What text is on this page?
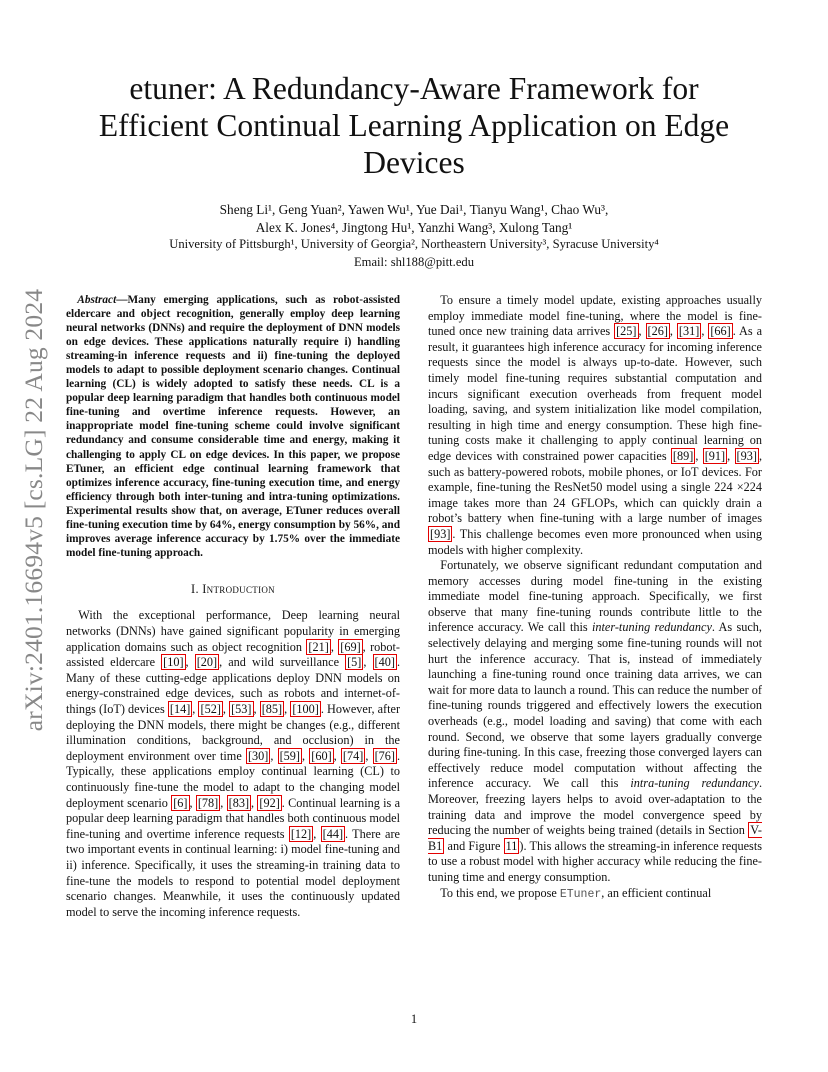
arXiv:2401.16694v5 [cs.LG] 22 Aug 2024
etuner: A Redundancy-Aware Framework for
Efficient Continual Learning Application on Edge
Devices
Sheng Li¹, Geng Yuan², Yawen Wu¹, Yue Dai¹, Tianyu Wang¹, Chao Wu³,
Alex K. Jones⁴, Jingtong Hu¹, Yanzhi Wang³, Xulong Tang¹
University of Pittsburgh¹, University of Georgia², Northeastern University³, Syracuse University⁴
Email: shl188@pitt.edu

Abstract—Many emerging applications, such as robot-assisted eldercare and object recognition, generally employ deep learning neural networks (DNNs) and require the deployment of DNN models on edge devices. These applications naturally require i) handling streaming-in inference requests and ii) fine-tuning the deployed models to adapt to possible deployment scenario changes. Continual learning (CL) is widely adopted to satisfy these needs. CL is a popular deep learning paradigm that handles both continuous model fine-tuning and overtime inference requests. However, an inappropriate model fine-tuning scheme could involve significant redundancy and consume considerable time and energy, making it challenging to apply CL on edge devices. In this paper, we propose ETuner, an efficient edge continual learning framework that optimizes inference accuracy, fine-tuning execution time, and energy efficiency through both inter-tuning and intra-tuning optimizations. Experimental results show that, on average, ETuner reduces overall fine-tuning execution time by 64%, energy consumption by 56%, and improves average inference accuracy by 1.75% over the immediate model fine-tuning approach.

I. Introduction

With the exceptional performance, Deep learning neural networks (DNNs) have gained significant popularity in emerging application domains such as object recognition [21] , [69] , robot-assisted eldercare [10] , [20] , and wild surveillance [5] , [40] . Many of these cutting-edge applications deploy DNN models on energy-constrained edge devices, such as robots and internet-of-things (IoT) devices [14] , [52] , [53] , [85] , [100] . However, after deploying the DNN models, there might be changes (e.g., different illumination conditions, background, and occlusion) in the deployment environment over time [30] , [59] , [60] , [74] , [76] . Typically, these applications employ continual learning (CL) to continuously fine-tune the model to adapt to the changing model deployment scenario [6] , [78] , [83] , [92] . Continual learning is a popular deep learning paradigm that handles both continuous model fine-tuning and overtime inference requests [12] , [44] . There are two important events in continual learning: i) model fine-tuning and ii) inference. Specifically, it uses the streaming-in training data to fine-tune the models to respond to potential model deployment scenario changes. Meanwhile, it uses the continuously updated model to serve the incoming inference requests.

To ensure a timely model update, existing approaches usually employ immediate model fine-tuning, where the model is fine-tuned once new training data arrives [25] , [26] , [31] , [66] . As a result, it guarantees high inference accuracy for incoming inference requests since the model is always up-to-date. However, such timely model fine-tuning requires substantial computation and incurs significant execution overheads from frequent model loading, saving, and system initialization like model compilation, resulting in high time and energy consumption. These high fine-tuning costs make it challenging to apply continual learning on edge devices with constrained power capacities [89] , [91] , [93] , such as battery-powered robots, mobile phones, or IoT devices. For example, fine-tuning the ResNet50 model using a single 224 ×224 image takes more than 24 GFLOPs, which can quickly drain a robot’s battery when fine-tuning with a large number of images [93] . This challenge becomes even more pronounced when using models with higher complexity.

Fortunately, we observe significant redundant computation and memory accesses during model fine-tuning in the existing immediate model fine-tuning approach. Specifically, we first observe that many fine-tuning rounds contribute little to the inference accuracy. We call this inter-tuning redundancy. As such, selectively delaying and merging some fine-tuning rounds will not hurt the inference accuracy. That is, instead of immediately launching a fine-tuning round once training data arrives, we can wait for more data to launch a round. This can reduce the number of fine-tuning rounds triggered and effectively lowers the execution overheads (e.g., model loading and saving) that come with each round. Second, we observe that some layers gradually converge during fine-tuning. In this case, freezing those converged layers can effectively reduce model computation without affecting the inference accuracy. We call this intra-tuning redundancy. Moreover, freezing layers helps to avoid over-adaptation to the training data and improve the model convergence speed by reducing the number of weights being trained (details in Section V-B1 and Figure 11 ). This allows the streaming-in inference requests to use a robust model with higher accuracy while reducing the fine-tuning time and energy consumption.

To this end, we propose ETuner, an efficient continual

1
